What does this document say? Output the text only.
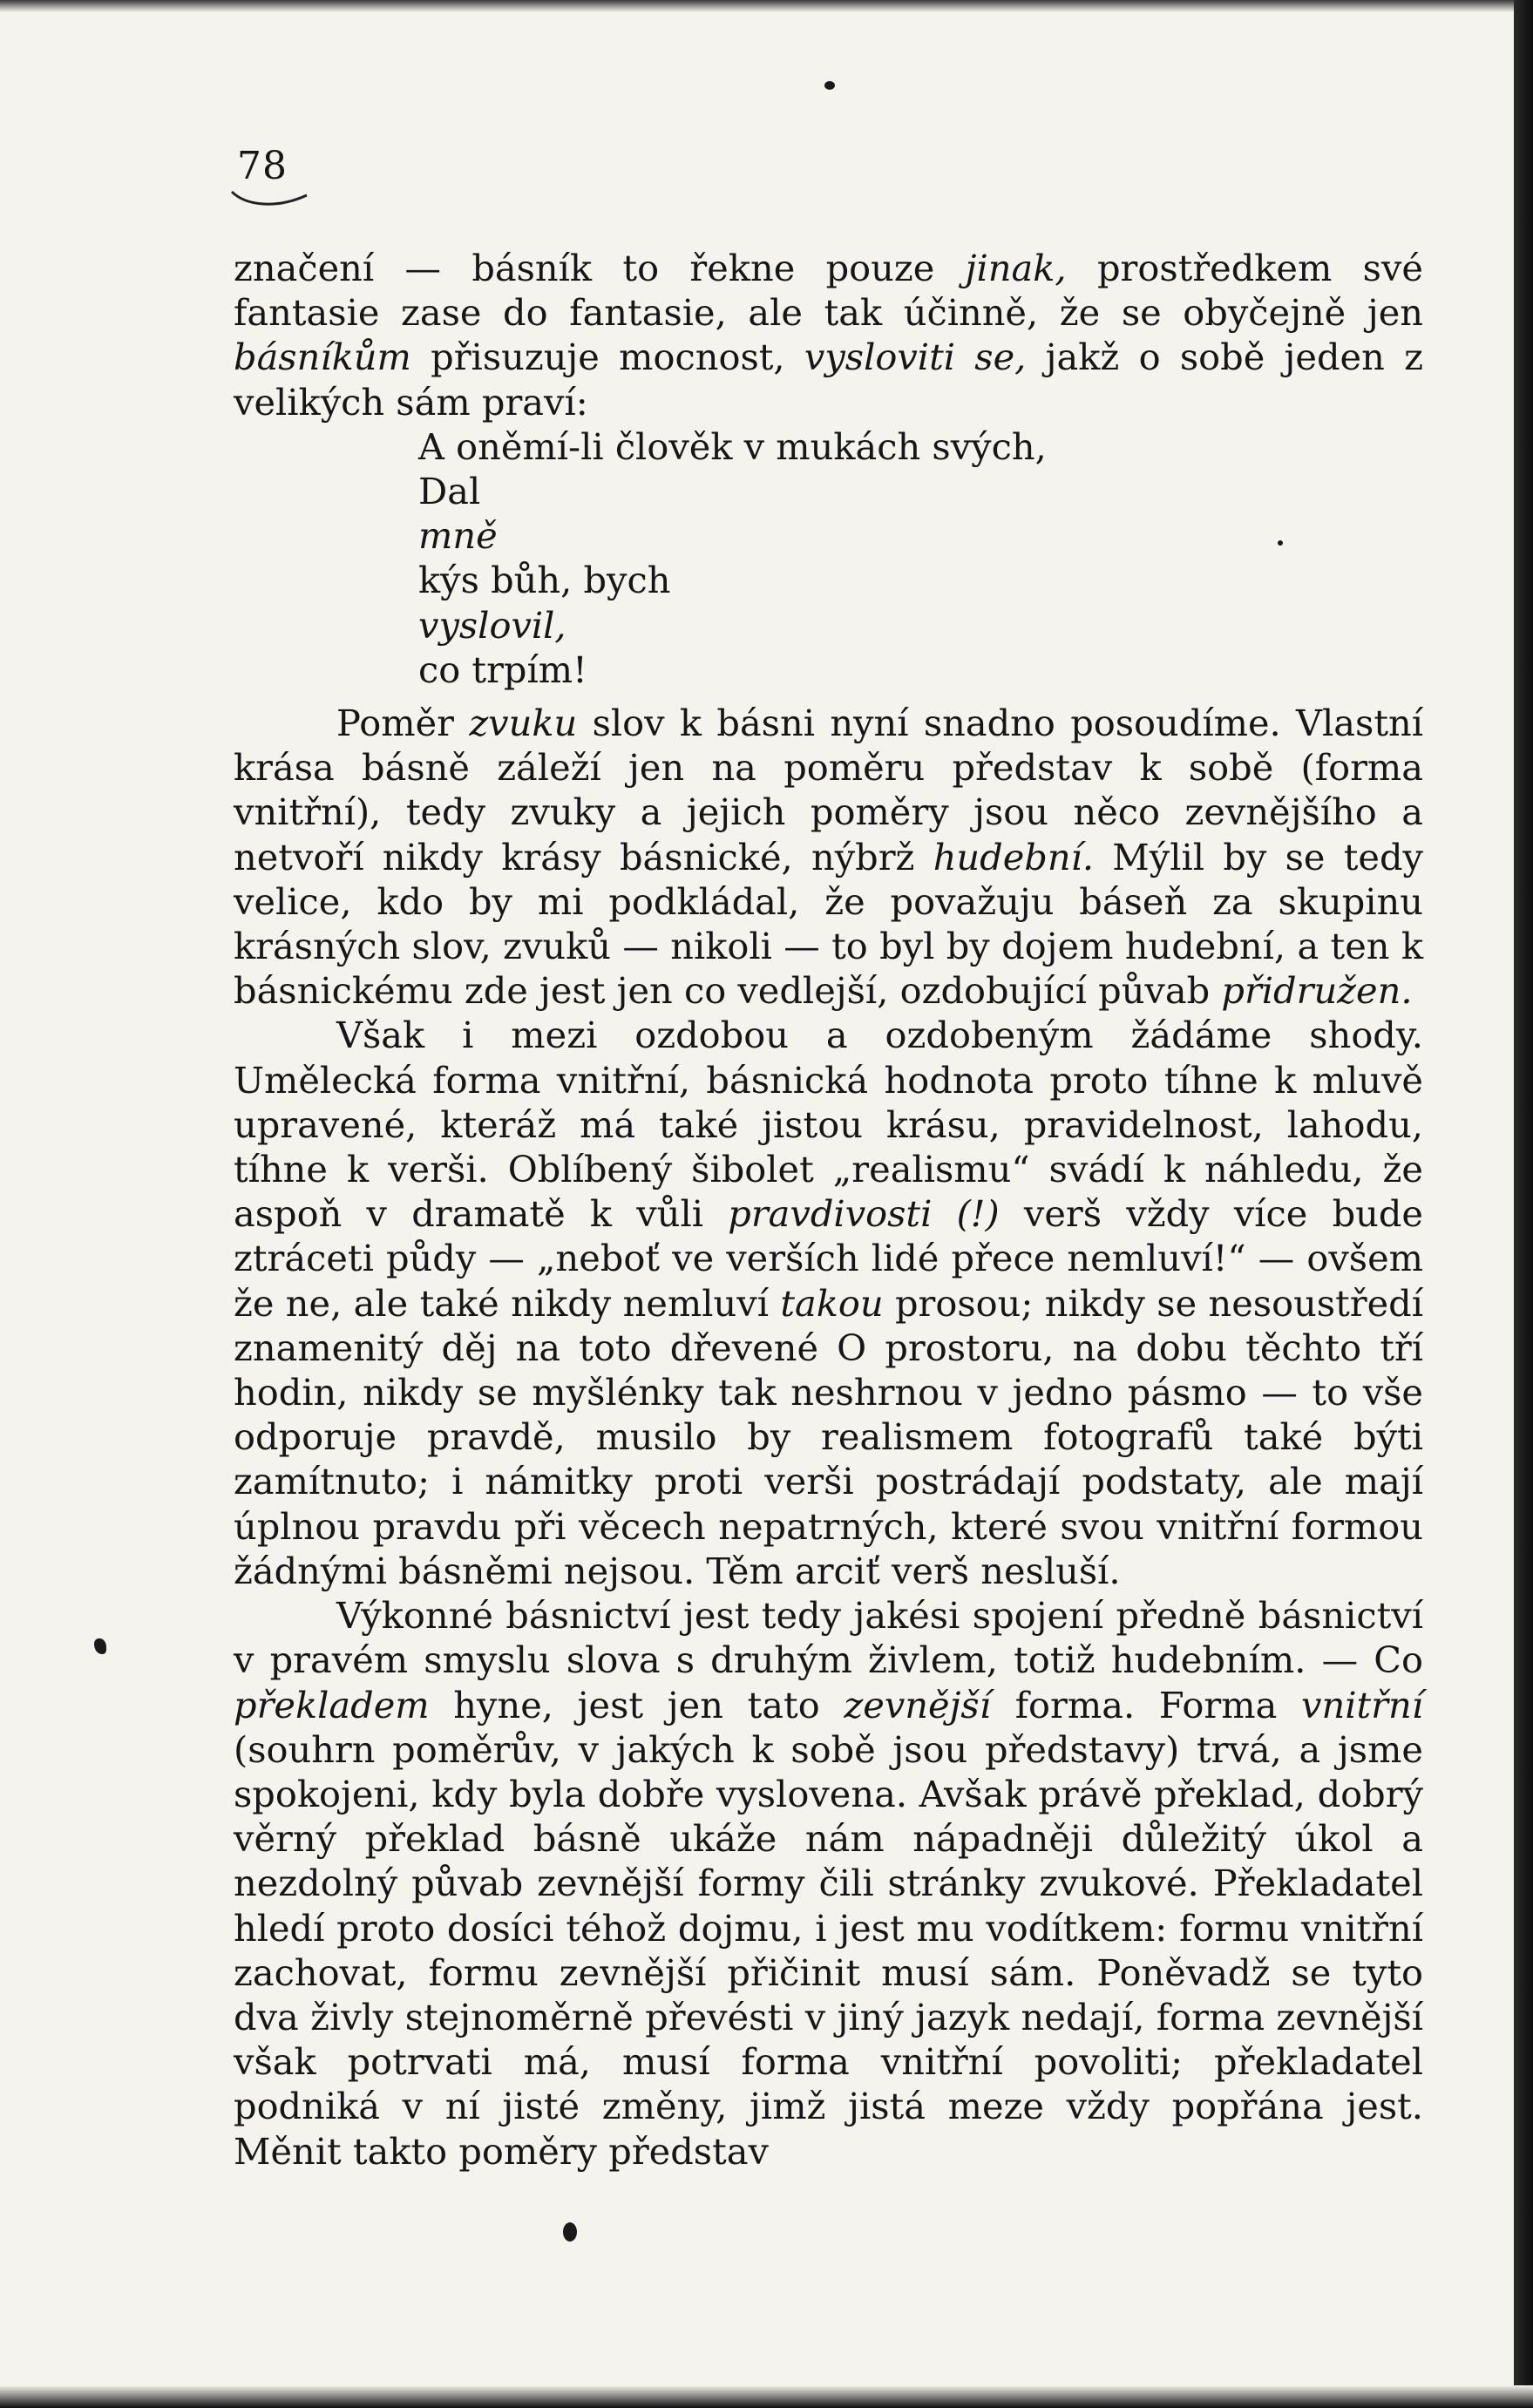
78

značení — básník to řekne pouze jinak, prostředkem své fantasie zase do fantasie, ale tak účinně, že se obyčejně jen básníkům přisuzuje mocnost, vysloviti se, jakž o sobě jeden z velikých sám praví:

A oněmí-li člověk v mukách svých,
Dal
mně
kýs bůh, bych
vyslovil,
co trpím!

Poměr zvuku slov k básni nyní snadno posoudíme. Vlastní krása básně záleží jen na poměru představ k sobě (forma vnitřní), tedy zvuky a jejich poměry jsou něco zevnějšího a netvoří nikdy krásy básnické, nýbrž hudební. Mýlil by se tedy velice, kdo by mi podkládal, že považuju báseň za skupinu krásných slov, zvuků — nikoli — to byl by dojem hudební, a ten k básnickému zde jest jen co vedlejší, ozdobující půvab přidružen.

Však i mezi ozdobou a ozdobeným žádáme shody. Umělecká forma vnitřní, básnická hodnota proto tíhne k mluvě upravené, kteráž má také jistou krásu, pravidelnost, lahodu, tíhne k verši. Oblíbený šibolet „realismu“ svádí k náhledu, že aspoň v dramatě k vůli pravdivosti (!) verš vždy více bude ztráceti půdy — „neboť ve verších lidé přece nemluví!“ — ovšem že ne, ale také nikdy nemluví takou prosou; nikdy se nesoustředí znamenitý děj na toto dřevené O prostoru, na dobu těchto tří hodin, nikdy se myšlénky tak neshrnou v jedno pásmo — to vše odporuje pravdě, musilo by realismem fotografů také býti zamítnuto; i námitky proti verši postrádají podstaty, ale mají úplnou pravdu při věcech nepatrných, které svou vnitřní formou žádnými básněmi nejsou. Těm arciť verš nesluší.

Výkonné básnictví jest tedy jakési spojení předně básnictví v pravém smyslu slova s druhým živlem, totiž hudebním. — Co překladem hyne, jest jen tato zevnější forma. Forma vnitřní (souhrn poměrův, v jakých k sobě jsou představy) trvá, a jsme spokojeni, kdy byla dobře vyslovena. Avšak právě překlad, dobrý věrný překlad básně ukáže nám nápadněji důležitý úkol a nezdolný půvab zevnější formy čili stránky zvukové. Překladatel hledí proto dosíci téhož dojmu, i jest mu vodítkem: formu vnitřní zachovat, formu zevnější přičinit musí sám. Poněvadž se tyto dva živly stejnoměrně převésti v jiný jazyk nedají, forma zevnější však potrvati má, musí forma vnitřní povoliti; překladatel podniká v ní jisté změny, jimž jistá meze vždy popřána jest. Měnit takto poměry představ
